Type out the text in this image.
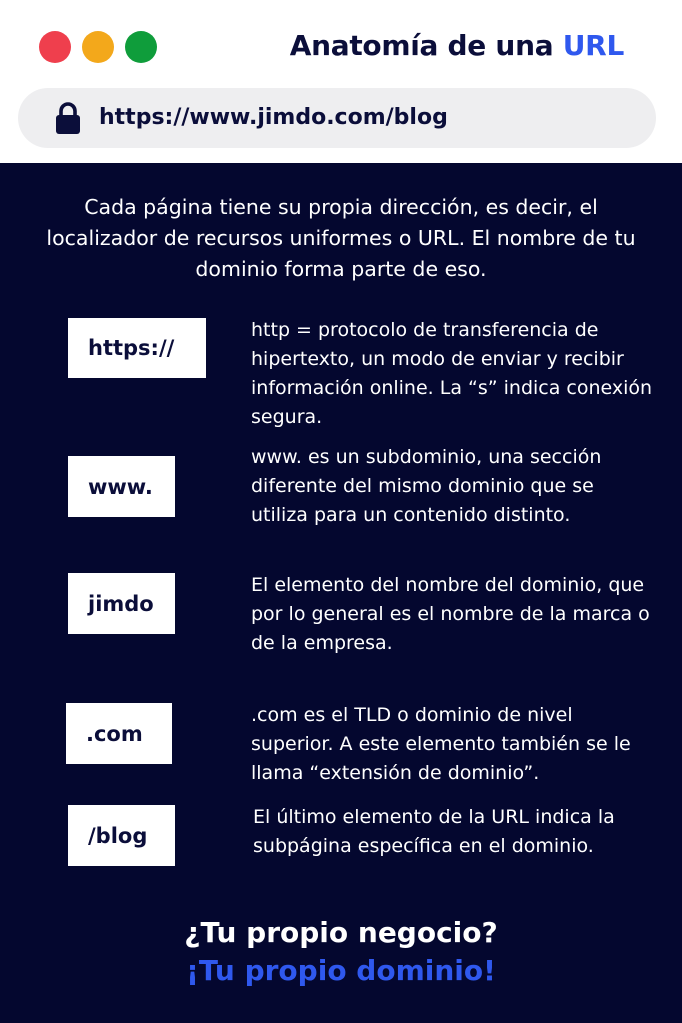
Anatomía de una URL
https://www.jimdo.com/blog
Cada página tiene su propia dirección, es decir, el localizador de recursos uniformes o URL. El nombre de tu dominio forma parte de eso.
https://
http = protocolo de transferencia de hipertexto, un modo de enviar y recibir información online. La “s” indica conexión segura.
www.
www. es un subdominio, una sección diferente del mismo dominio que se utiliza para un contenido distinto.
jimdo
El elemento del nombre del dominio, que por lo general es el nombre de la marca o de la empresa.
.com
.com es el TLD o dominio de nivel superior. A este elemento también se le llama “extensión de dominio”.
/blog
El último elemento de la URL indica la subpágina específica en el dominio.
¿Tu propio negocio?
¡Tu propio dominio!
